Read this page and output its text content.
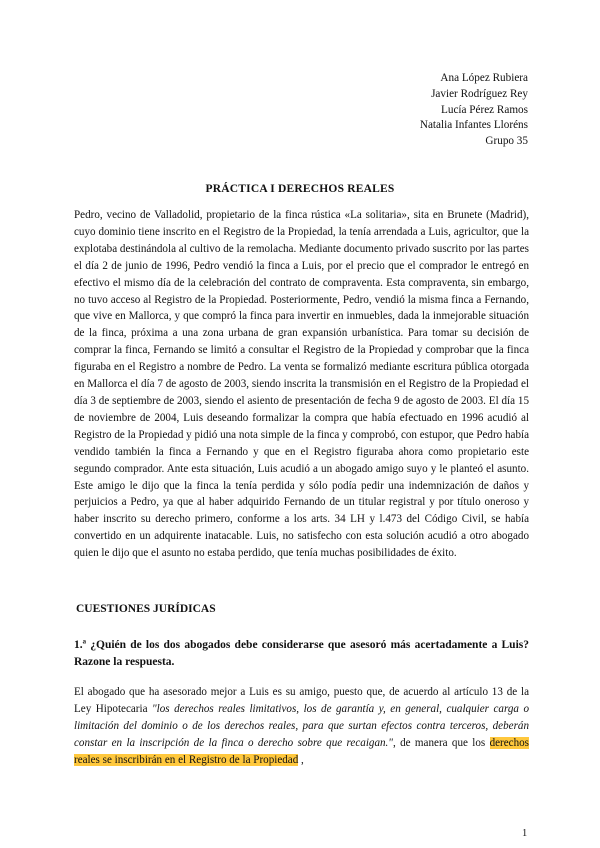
Ana López Rubiera
Javier Rodríguez Rey
Lucía Pérez Ramos
Natalia Infantes Lloréns
Grupo 35
PRÁCTICA I DERECHOS REALES

Pedro, vecino de Valladolid, propietario de la finca rústica «La solitaria», sita en Brunete (Madrid), cuyo dominio tiene inscrito en el Registro de la Propiedad, la tenía arrendada a Luis, agricultor, que la explotaba destinándola al cultivo de la remolacha. Mediante documento privado suscrito por las partes el día 2 de junio de 1996, Pedro vendió la finca a Luis, por el precio que el comprador le entregó en efectivo el mismo día de la celebración del contrato de compraventa. Esta compraventa, sin embargo, no tuvo acceso al Registro de la Propiedad. Posteriormente, Pedro, vendió la misma finca a Fernando, que vive en Mallorca, y que compró la finca para invertir en inmuebles, dada la inmejorable situación de la finca, próxima a una zona urbana de gran expansión urbanística. Para tomar su decisión de comprar la finca, Fernando se limitó a consultar el Registro de la Propiedad y comprobar que la finca figuraba en el Registro a nombre de Pedro. La venta se formalizó mediante escritura pública otorgada en Mallorca el día 7 de agosto de 2003, siendo inscrita la transmisión en el Registro de la Propiedad el día 3 de septiembre de 2003, siendo el asiento de presentación de fecha 9 de agosto de 2003. El día 15 de noviembre de 2004, Luis deseando formalizar la compra que había efectuado en 1996 acudió al Registro de la Propiedad y pidió una nota simple de la finca y comprobó, con estupor, que Pedro había vendido también la finca a Fernando y que en el Registro figuraba ahora como propietario este segundo comprador. Ante esta situación, Luis acudió a un abogado amigo suyo y le planteó el asunto. Este amigo le dijo que la finca la tenía perdida y sólo podía pedir una indemnización de daños y perjuicios a Pedro, ya que al haber adquirido Fernando de un titular registral y por título oneroso y haber inscrito su derecho primero, conforme a los arts. 34 LH y l.473 del Código Civil, se había convertido en un adquirente inatacable. Luis, no satisfecho con esta solución acudió a otro abogado quien le dijo que el asunto no estaba perdido, que tenía muchas posibilidades de éxito.

CUESTIONES JURÍDICAS

1.ª ¿Quién de los dos abogados debe considerarse que asesoró más acertadamente a Luis? Razone la respuesta.

El abogado que ha asesorado mejor a Luis es su amigo, puesto que, de acuerdo al artículo 13 de la Ley Hipotecaria "los derechos reales limitativos, los de garantía y, en general, cualquier carga o limitación del dominio o de los derechos reales, para que surtan efectos contra terceros, deberán constar en la inscripción de la finca o derecho sobre que recaigan.", de manera que los derechos reales se inscribirán en el Registro de la Propiedad ,

1
